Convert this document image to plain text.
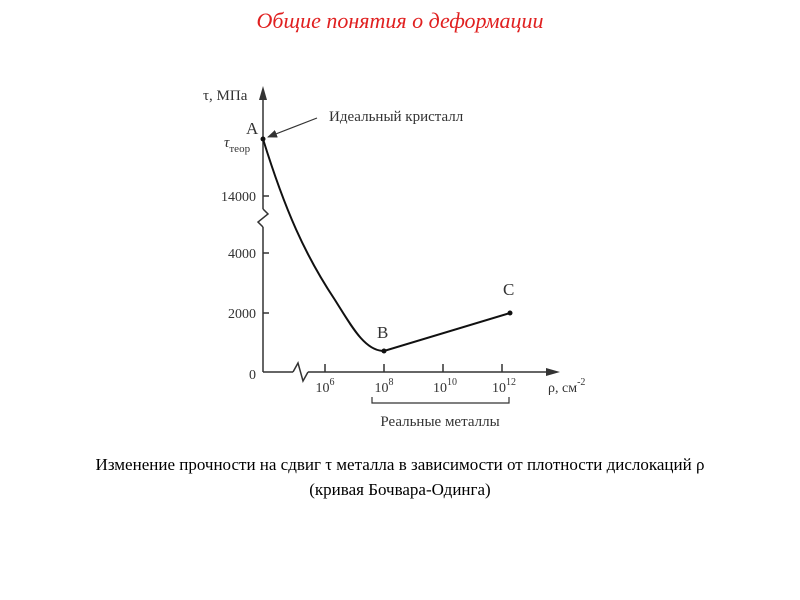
Общие понятия о деформации
0
2000
4000
14000
$\tau_{теор}$
τ, МПа
$10^6$	$10^8$	$10^{10}$	$10^{12}$ ρ, $см^{-2}$
A
B
C
Идеальный кристалл
Реальные металлы
Изменение прочности на сдвиг τ металла в зависимости от плотности дислокаций ρ
(кривая Бочвара-Одинга)
